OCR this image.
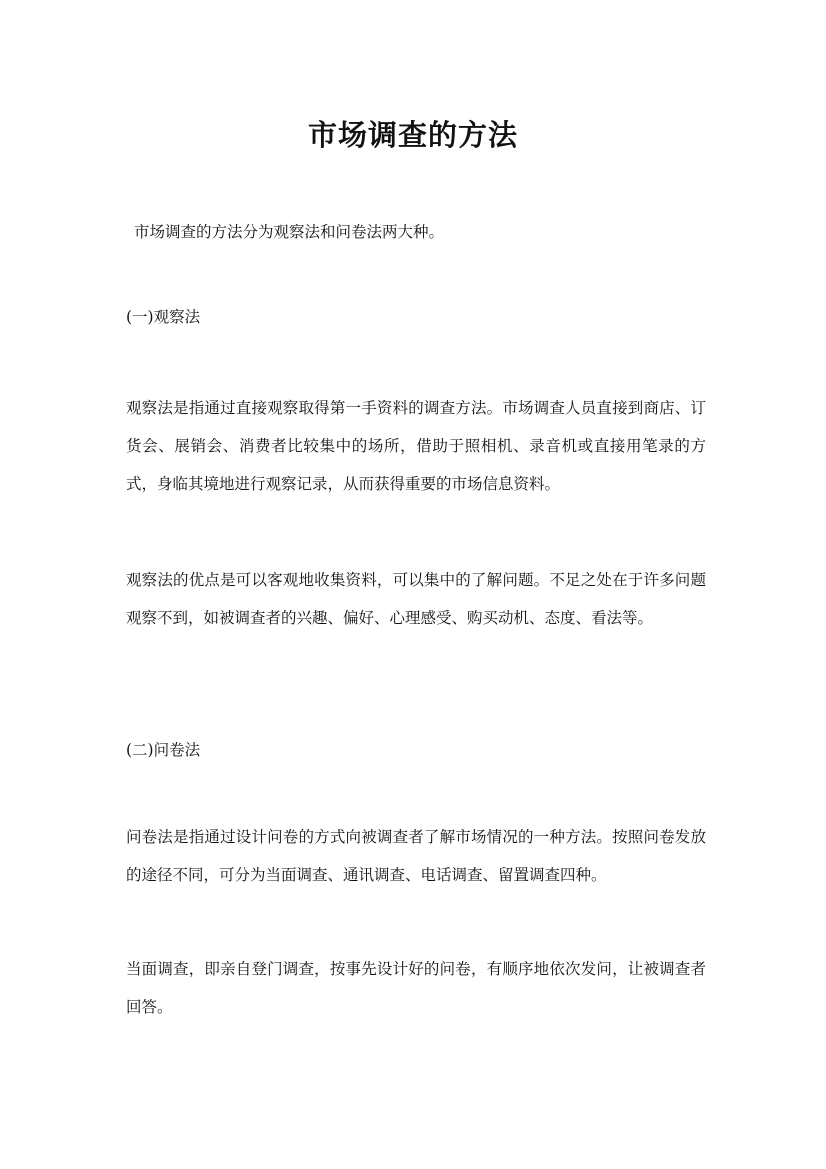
市场调查的方法
市场调查的方法分为观察法和问卷法两大种。
(一)观察法
观察法是指通过直接观察取得第一手资料的调查方法。市场调查人员直接到商店、订货会、展销会、消费者比较集中的场所，借助于照相机、录音机或直接用笔录的方式，身临其境地进行观察记录，从而获得重要的市场信息资料。
观察法的优点是可以客观地收集资料，可以集中的了解问题。不足之处在于许多问题观察不到，如被调查者的兴趣、偏好、心理感受、购买动机、态度、看法等。
(二)问卷法
问卷法是指通过设计问卷的方式向被调查者了解市场情况的一种方法。按照问卷发放的途径不同，可分为当面调查、通讯调查、电话调查、留置调查四种。
当面调查，即亲自登门调查，按事先设计好的问卷，有顺序地依次发问，让被调查者回答。
